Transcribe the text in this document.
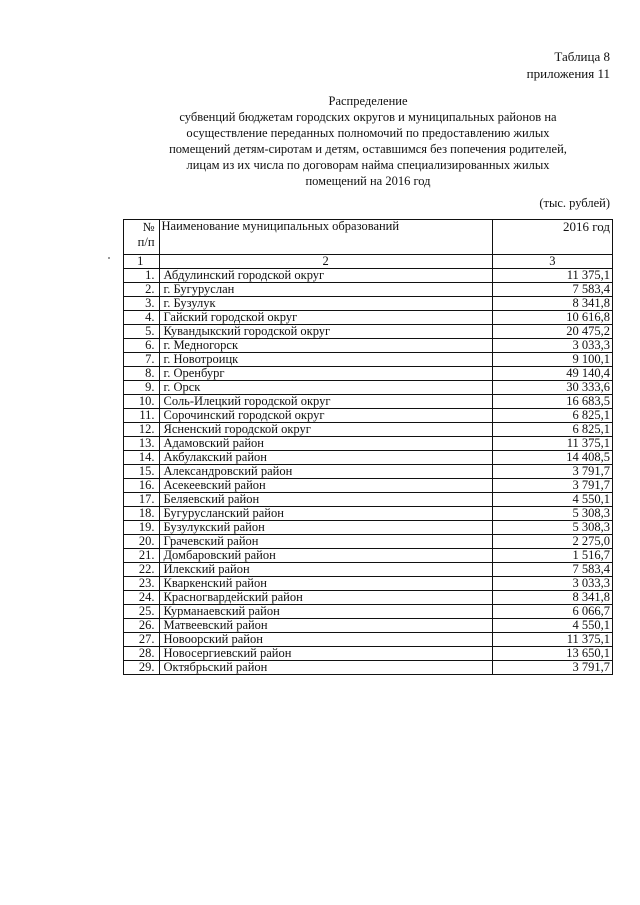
Таблица 8
приложения 11
Распределение
субвенций бюджетам городских округов и муниципальных районов на
осуществление переданных полномочий по предоставлению жилых
помещений детям-сиротам и детям, оставшимся без попечения родителей,
лицам из их числа по договорам найма специализированных жилых
помещений на 2016 год
(тыс. рублей)
№
п/п	Наименование муниципальных образований	2016 год
1	2	3
1.	Абдулинский городской округ	11 375,1
2.	г. Бугуруслан	7 583,4
3.	г. Бузулук	8 341,8
4.	Гайский городской округ	10 616,8
5.	Кувандыкский городской округ	20 475,2
6.	г. Медногорск	3 033,3
7.	г. Новотроицк	9 100,1
8.	г. Оренбург	49 140,4
9.	г. Орск	30 333,6
10.	Соль-Илецкий городской округ	16 683,5
11.	Сорочинский городской округ	6 825,1
12.	Ясненский городской округ	6 825,1
13.	Адамовский район	11 375,1
14.	Акбулакский район	14 408,5
15.	Александровский район	3 791,7
16.	Асекеевский район	3 791,7
17.	Беляевский район	4 550,1
18.	Бугурусланский район	5 308,3
19.	Бузулукский район	5 308,3
20.	Грачевский район	2 275,0
21.	Домбаровский район	1 516,7
22.	Илекский район	7 583,4
23.	Кваркенский район	3 033,3
24.	Красногвардейский район	8 341,8
25.	Курманаевский район	6 066,7
26.	Матвеевский район	4 550,1
27.	Новоорский район	11 375,1
28.	Новосергиевский район	13 650,1
29.	Октябрьский район	3 791,7
